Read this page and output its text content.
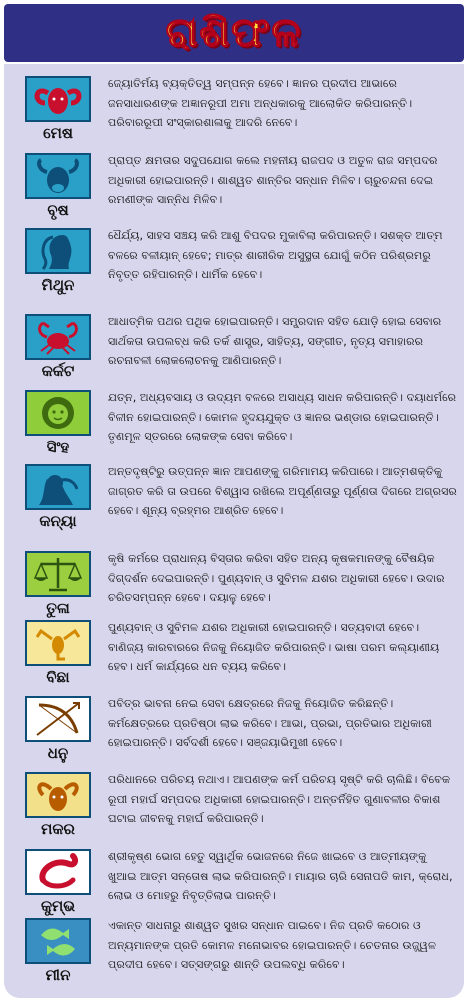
ରାଶିଫଳ
ମେଷ
ଜ୍ୟୋତିର୍ମୟ ବ୍ୟକ୍ତିତ୍ୱ ସମ୍ପନ୍ନ ହେବେ। ଜ୍ଞାନର ପ୍ରଦୀପ ଆଭାରେ ଜନସାଧାରଣଙ୍କ ଅଜ୍ଞାନରୂପୀ ଅମା ଅନ୍ଧକାରକୁ ଆଲୋକିତ କରିପାରନ୍ତି। ପରିବାରରୂପୀ ସଂସ୍କାରଶାଳାକୁ ଆଦରି ନେବେ।
ବୃଷ
ପ୍ରାପ୍ତ କ୍ଷମତାର ସଦୁପଯୋଗ କଲେ ମହନୀୟ ରାଜପଦ ଓ ଅତୁଳ ରାଜ ସମ୍ପଦର ଅଧିକାରୀ ହୋଇପାରନ୍ତି। ଶାଶ୍ୱତ ଶାନ୍ତିର ସନ୍ଧାନ ମିଳିବ। ଚାରୁଚନ୍ଦନା ଦେଇ ରମଣୀଙ୍କ ସାନ୍ନିଧ ମିଳିବ।
ମିଥୁନ
ଧୈର୍ଯ୍ୟ, ସାହସ ସଞ୍ଚୟ କରି ଆଶୁ ବିପଦର ମୁକାବିଲା କରିପାରନ୍ତି। ସଶକ୍ତ ଆତ୍ମ ବଳରେ ବଳୀୟାନ୍ ହେବେ; ମାତ୍ର ଶାରୀରିକ ଅସୁସ୍ଥତା ଯୋଗୁଁ କଠିନ ପରିଶ୍ରମରୁ ନିବୃତ୍ତ ରହିପାରନ୍ତି। ଧାର୍ମିକ ହେବେ।
କର୍କଟ
ଆଧାତ୍ମିକ ପଥର ପଥିକ ହୋଇପାରନ୍ତି। ସମ୍ପ୍ରଦାନ ସହିତ ଯୋଡ଼ି ହୋଇ ସେବାର ସାର୍ଥକତା ଉପଲବ୍ଧ କରି ତର୍କ ଶାସ୍ତ୍ର, ସାହିତ୍ୟ, ସଙ୍ଗୀତ, ନୃତ୍ୟ ସମାହାରର ରଚନାବଳୀ ଲୋକଲୋଚନକୁ ଆଣିପାରନ୍ତି।
ସିଂହ
ଯତ୍ନ, ଅଧ୍ୟବସାୟ ଓ ଉଦ୍ୟମ ବଳରେ ଅସାଧ୍ୟ ସାଧନ କରିପାରନ୍ତି। ଦୟାଧର୍ମରେ ବିଳୀନ ହୋଇପାରନ୍ତି। କୋମଳ ହୃଦୟଯୁକ୍ତ ଓ ଜ୍ଞାନର ଭଣ୍ଡାର ହୋଇପାରନ୍ତି। ତୃଣମୂଳ ସ୍ତରରେ ଲୋକଙ୍କ ସେବା କରିବେ।
କନ୍ୟା
ଅନ୍ତଦୃଷ୍ଟିରୁ ଉତ୍ପନ୍ନ ଜ୍ଞାନ ଆପଣଙ୍କୁ ଗରିମାମୟ କରିପାରେ। ଆତ୍ମଶକ୍ତିକୁ ଜାଗ୍ରତ କରି ତା ଉପରେ ବିଶ୍ୱାସ ରଖିଲେ ଅପୂର୍ଣ୍ଣତାରୁ ପୂର୍ଣ୍ଣତା ଦିଗରେ ଅଗ୍ରସର ହେବେ। ଶୂନ୍ୟ ବ୍ରହ୍ମର ଆଶ୍ରିତ ହେବେ।
ତୁଳା
କୃଷି କର୍ମରେ ପ୍ରାଧାନ୍ୟ ବିସ୍ତାର କରିବା ସହିତ ଅନ୍ୟ କୃଷକମାନଙ୍କୁ ବୈଷୟିକ ଦିଗ୍‌ଦର୍ଶନ ଦେଇପାରନ୍ତି। ପୁଣ୍ୟବାନ୍ ଓ ସୁବିମଳ ଯଶର ଅଧିକାରୀ ହେବେ। ଉଦାର ଚରିତସମ୍ପନ୍ନ ହେବେ। ଦୟାଳୁ ହେବେ।
ବିଛା
ପୁଣ୍ୟବାନ୍ ଓ ସୁବିମଳ ଯଶର ଅଧିକାରୀ ହୋଇପାରନ୍ତି। ସତ୍ୟବାଦୀ ହେବେ। ବାଣିଜ୍ୟ କାରବାରରେ ନିଜକୁ ନିୟୋଜିତ କରିପାରନ୍ତି। ଭାଷା ପରମ କଲ୍ୟାଣୀୟ ହେବ। ଧର୍ମ କାର୍ଯ୍ୟରେ ଧନ ବ୍ୟୟ କରିବେ।
ଧନୁ
ପବିତ୍ର ଭାବନା ନେଇ ସେବା କ୍ଷେତ୍ରରେ ନିଜକୁ ନିୟୋଜିତ କରିଛନ୍ତି। କର୍ମକ୍ଷେତ୍ରରେ ପ୍ରତିଷ୍ଠା ଲାଭ କରିବେ। ଆଭା, ପ୍ରଭା, ପ୍ରତିଭାର ଅଧିକାରୀ ହୋଇପାରନ୍ତି। ସର୍ବଦର୍ଶୀ ହେବେ। ସଞ୍ଜୟାଭିମୁଖୀ ହେବେ।
ମକର
ପରିଧାନରେ ପରିଚୟ ନଥାଏ। ଆପଣଙ୍କ କର୍ମ ପରିଚୟ ସୃଷ୍ଟି କରି ଚାଲିଛି। ବିବେକ ରୂପୀ ମହାର୍ଘ ସମ୍ପଦର ଅଧିକାରୀ ହୋଇପାରନ୍ତି। ଅନ୍ତର୍ନିହିତ ଗୁଣାବଳୀର ବିକାଶ ଘଟାଇ ଜୀବନକୁ ମହାର୍ଘ କରିପାରନ୍ତି।
କୁମ୍ଭ
ଶ୍ରୀକୃଷ୍ଣ ଭୋଗ ହେତୁ ସ୍ୱାର୍ଥିକ ଭୋଜନରେ ନିଜେ ଖାଇବେ ଓ ଆତ୍ମୀୟଙ୍କୁ ଖୁଆଇ ଆତ୍ମ ସନ୍ତୋଷ ଲାଭ କରିପାରନ୍ତି। ମାୟାର ଚାରି ସେନାପତି କାମ, କ୍ରୋଧ, ଲୋଭ ଓ ମୋହରୁ ନିବୃତ୍ତିଲାଭ ପାରନ୍ତି।
ମୀନ
ଏକାନ୍ତ ସାଧନାରୁ ଶାଶ୍ୱତ ସୁଖର ସନ୍ଧାନ ପାଇବେ। ନିଜ ପ୍ରତି କଠୋର ଓ ଅନ୍ୟମାନଙ୍କ ପ୍ରତି କୋମଳ ମନୋଭାବର ହୋଇପାରନ୍ତି। ଚେତନାର ଉଜ୍ଜ୍ୱଳ ପ୍ରଦୀପ ହେବେ। ସତ୍ସଙ୍ଗରୁ ଶାନ୍ତି ଉପଲବ୍ଧି କରିବେ।
